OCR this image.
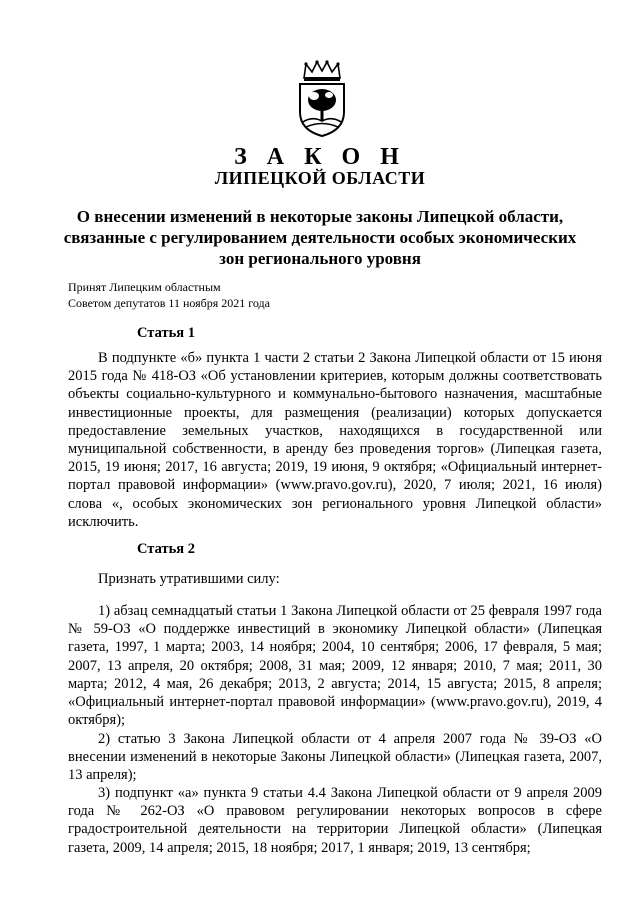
З А К О Н
ЛИПЕЦКОЙ ОБЛАСТИ
О внесении изменений в некоторые законы Липецкой области, связанные с регулированием деятельности особых экономических зон регионального уровня
Принят Липецким областным
Советом депутатов 11 ноября 2021 года
Статья 1
В подпункте «б» пункта 1 части 2 статьи 2 Закона Липецкой области от 15 июня 2015 года № 418-ОЗ «Об установлении критериев, которым должны соответствовать объекты социально-культурного и коммунально-бытового назначения, масштабные инвестиционные проекты, для размещения (реализации) которых допускается предоставление земельных участков, находящихся в государственной или муниципальной собственности, в аренду без проведения торгов» (Липецкая газета, 2015, 19 июня; 2017, 16 августа; 2019, 19 июня, 9 октября; «Официальный интернет-портал правовой информации» (www.pravo.gov.ru), 2020, 7 июля; 2021, 16 июля) слова «, особых экономических зон регионального уровня Липецкой области» исключить.
Статья 2
Признать утратившими силу:
1) абзац семнадцатый статьи 1 Закона Липецкой области от 25 февраля 1997 года № 59-ОЗ «О поддержке инвестиций в экономику Липецкой области» (Липецкая газета, 1997, 1 марта; 2003, 14 ноября; 2004, 10 сентября; 2006, 17 февраля, 5 мая; 2007, 13 апреля, 20 октября; 2008, 31 мая; 2009, 12 января; 2010, 7 мая; 2011, 30 марта; 2012, 4 мая, 26 декабря; 2013, 2 августа; 2014, 15 августа; 2015, 8 апреля; «Официальный интернет-портал правовой информации» (www.pravo.gov.ru), 2019, 4 октября);
2) статью 3 Закона Липецкой области от 4 апреля 2007 года № 39-ОЗ «О внесении изменений в некоторые Законы Липецкой области» (Липецкая газета, 2007, 13 апреля);
3) подпункт «а» пункта 9 статьи 4.4 Закона Липецкой области от 9 апреля 2009 года № 262-ОЗ «О правовом регулировании некоторых вопросов в сфере градостроительной деятельности на территории Липецкой области» (Липецкая газета, 2009, 14 апреля; 2015, 18 ноября; 2017, 1 января; 2019, 13 сентября;
